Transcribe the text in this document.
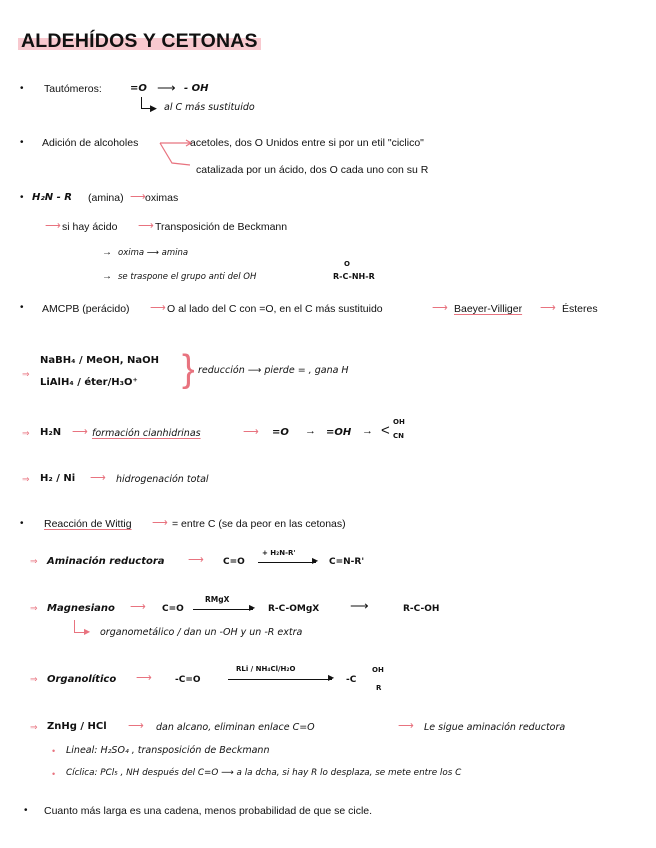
ALDEHÍDOS Y CETONAS
• Tautómeros:	=O ⟶ - OH
▶ al C más sustituido
• Adición de alcoholes	acetoles, dos O Unidos entre si por un etil "ciclico"
catalizada por un ácido, dos O cada uno con su R
• H₂N - R (amina) ⟶ oximas
⟶ si hay ácido ⟶ Transposición de Beckmann
→ oxima ⟶ amina
→ se traspone el grupo anti del OH
O
R-C-NH-R
• AMCPB (perácido) ⟶ O al lado del C con =O, en el C más sustituido	⟶ Baeyer-Villiger ⟶ Ésteres
⇒
NaBH₄ / MeOH, NaOH
LiAlH₄ / éter/H₃O⁺ } reducción ⟶ pierde = , gana H
⇒ H₂N ⟶ formación cianhidrinas	⟶ =O → =OH → < OH
CN
⇒ H₂ / Ni ⟶ hidrogenación total
• Reacción de Wittig ⟶ = entre C (se da peor en las cetonas)
⇒ Aminación reductora ⟶ C=O
+ H₂N-R'
▶ C=N-R'
⇒ Magnesiano ⟶ C=O
RMgX
▶ R-C-OMgX ⟶	R-C-OH
▶ organometálico / dan un -OH y un -R extra
⇒ Organolítico ⟶	-C=O
RLi / NH₄Cl/H₂O
▶ -C
OH
R
⇒ ZnHg / HCl ⟶ dan alcano, eliminan enlace C=O	⟶ Le sigue aminación reductora
• Lineal: H₂SO₄ , transposición de Beckmann
• Cíclica: PCl₅ , NH después del C=O ⟶ a la dcha, si hay R lo desplaza, se mete entre los C
• Cuanto más larga es una cadena, menos probabilidad de que se cicle.
